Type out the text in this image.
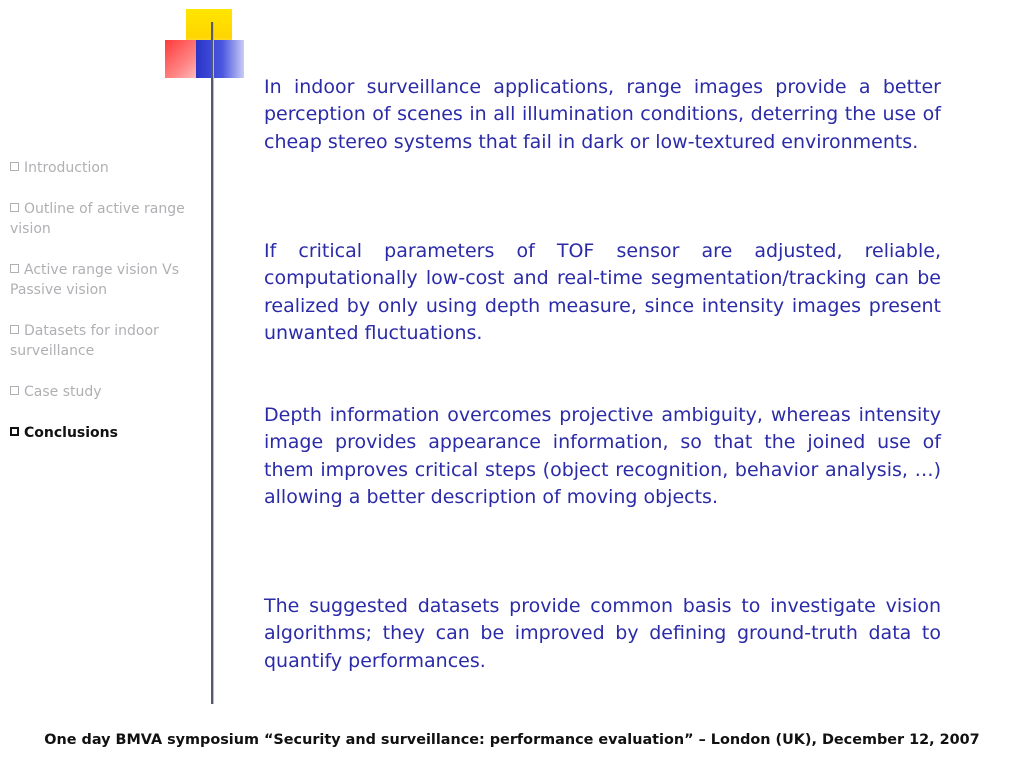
Introduction
Outline of active range vision
Active range vision Vs Passive vision
Datasets for indoor surveillance
Case study
Conclusions

In indoor surveillance applications, range images provide a better perception of scenes in all illumination conditions, deterring the use of cheap stereo systems that fail in dark or low-textured environments.

If critical parameters of TOF sensor are adjusted, reliable, computationally low-cost and real-time segmentation/tracking can be realized by only using depth measure, since intensity images present unwanted fluctuations.

Depth information overcomes projective ambiguity, whereas intensity image provides appearance information, so that the joined use of them improves critical steps (object recognition, behavior analysis, …) allowing a better description of moving objects.

The suggested datasets provide common basis to investigate vision algorithms; they can be improved by defining ground-truth data to quantify performances.

One day BMVA symposium “Security and surveillance: performance evaluation” – London (UK), December 12, 2007
